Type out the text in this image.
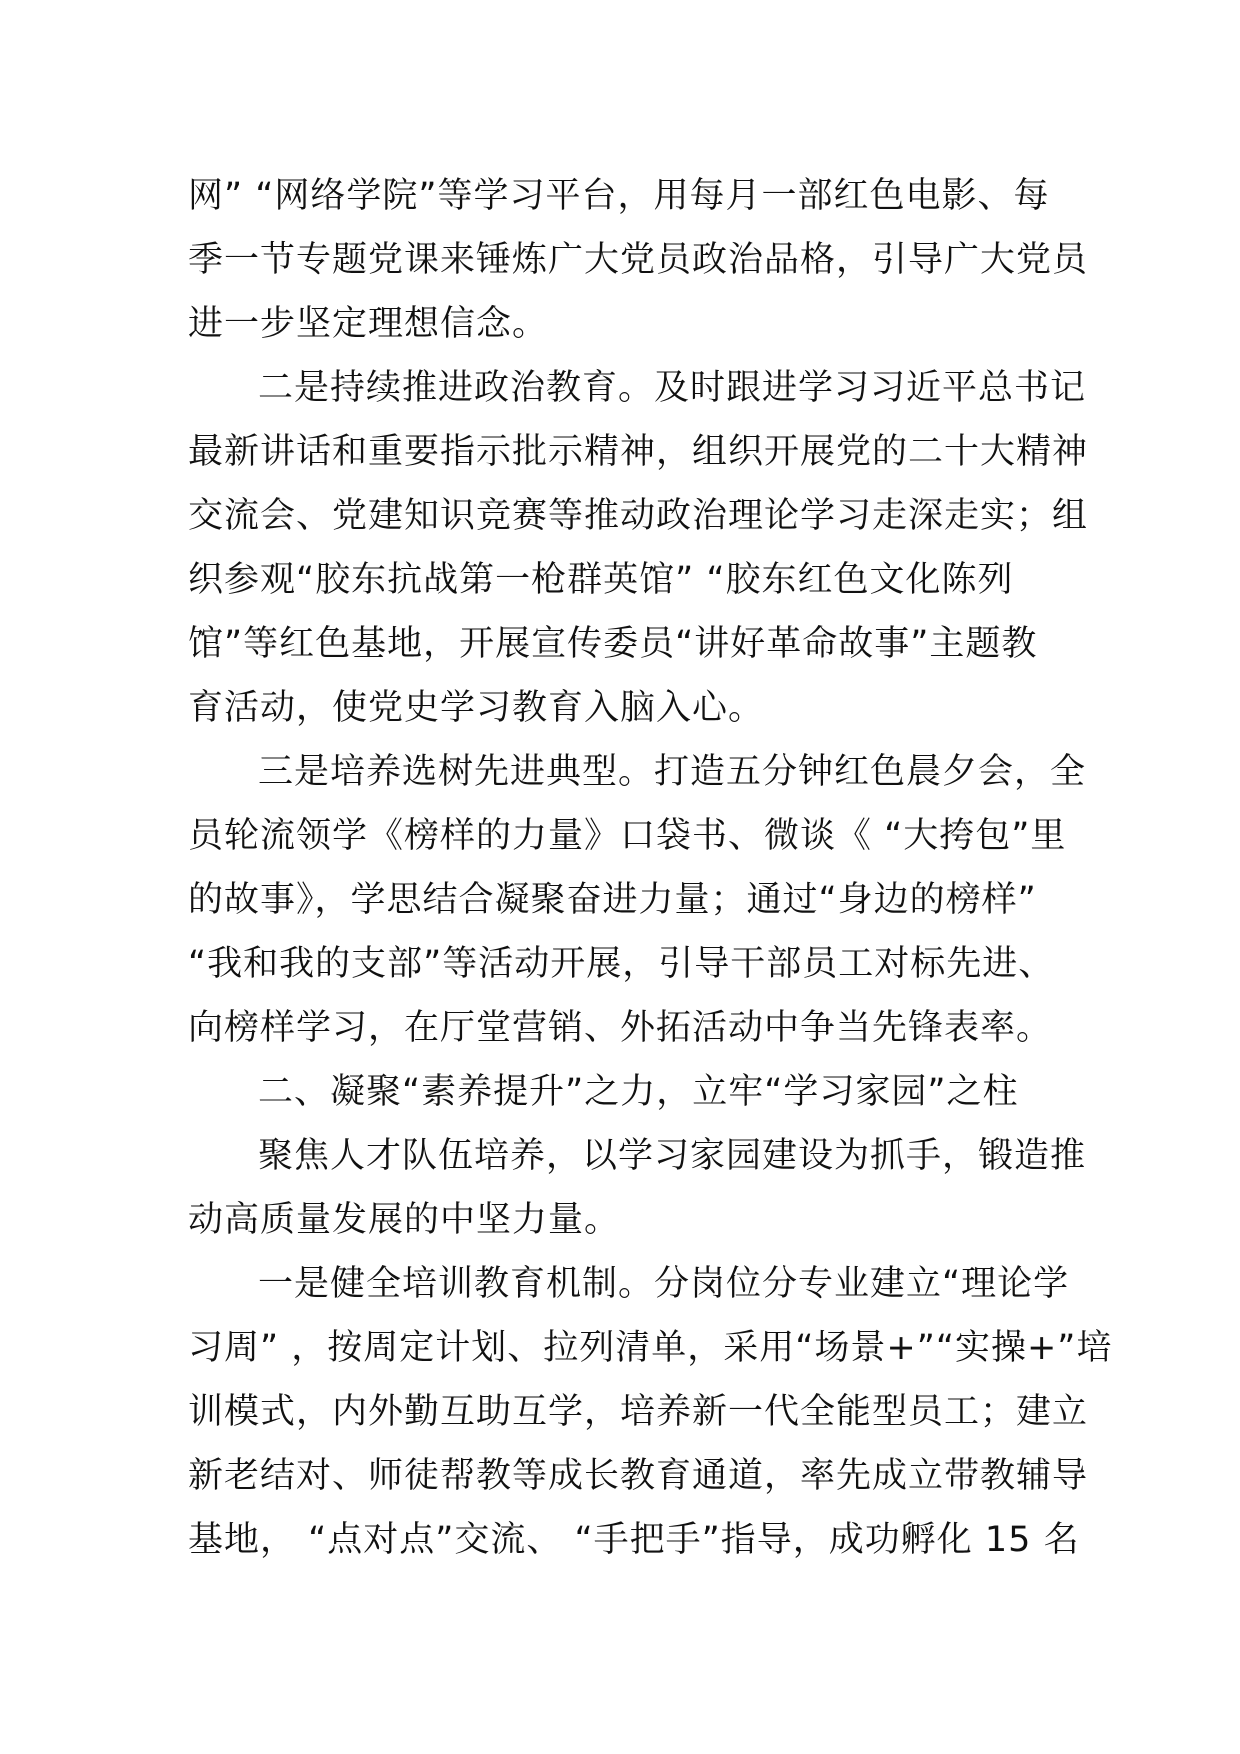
网” “网络学院”等学习平台，用每月一部红色电影、每
季一节专题党课来锤炼广大党员政治品格，引导广大党员
进一步坚定理想信念。
二是持续推进政治教育。及时跟进学习习近平总书记
最新讲话和重要指示批示精神，组织开展党的二十大精神
交流会、党建知识竞赛等推动政治理论学习走深走实；组
织参观“胶东抗战第一枪群英馆” “胶东红色文化陈列
馆”等红色基地，开展宣传委员“讲好革命故事”主题教
育活动，使党史学习教育入脑入心。
三是培养选树先进典型。打造五分钟红色晨夕会，全
员轮流领学《榜样的力量》口袋书、微谈《 “大挎包”里
的故事》，学思结合凝聚奋进力量；通过“身边的榜样”
“我和我的支部”等活动开展，引导干部员工对标先进、
向榜样学习，在厅堂营销、外拓活动中争当先锋表率。
二、凝聚“素养提升”之力，立牢“学习家园”之柱
聚焦人才队伍培养，以学习家园建设为抓手，锻造推
动高质量发展的中坚力量。
一是健全培训教育机制。分岗位分专业建立“理论学
习周” ，按周定计划、拉列清单，采用“场景+”“实操+”培
训模式，内外勤互助互学，培养新一代全能型员工；建立
新老结对、师徒帮教等成长教育通道，率先成立带教辅导
基地， “点对点”交流、 “手把手”指导，成功孵化 15 名
